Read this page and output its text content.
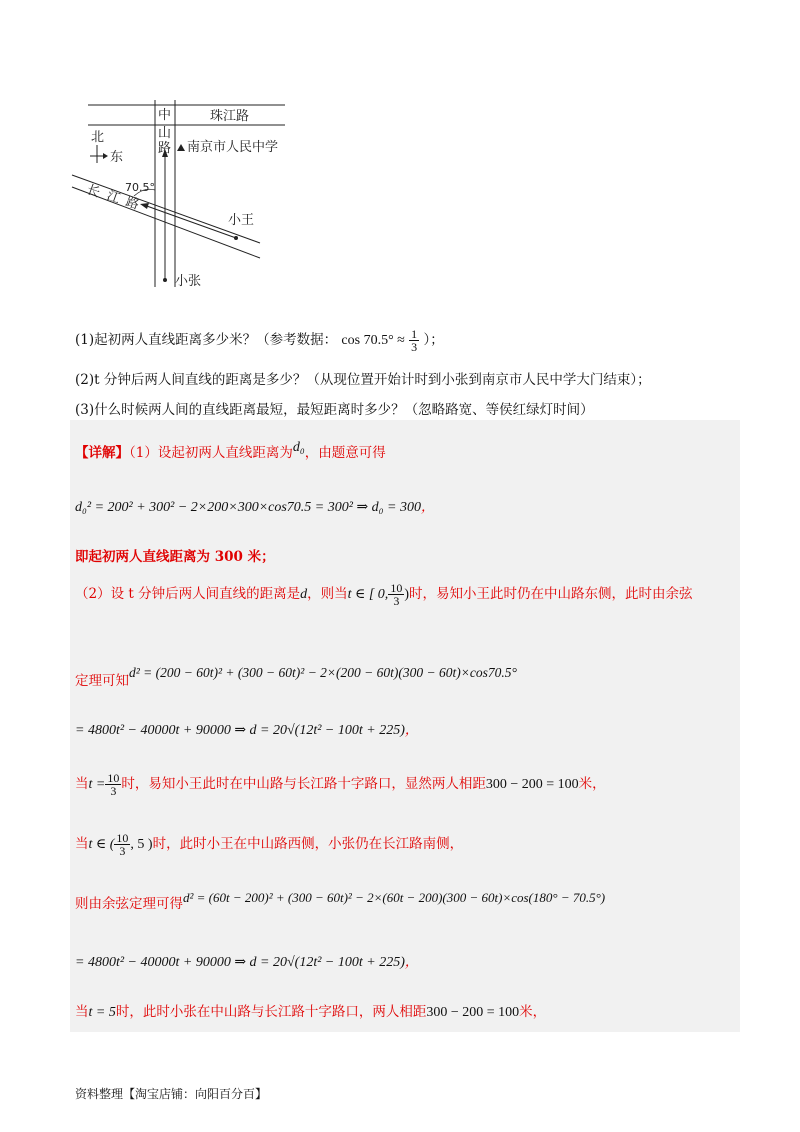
珠江路
中
山
路 南京市人民中学
北
东
70.5°
长 江 路
小王
小张
(1)起初两人直线距离多少米？（参考数据： $\cos 70.5^\circ \approx \frac{1}{3}$ ）；
(2)t 分钟后两人间直线的距离是多少？（从现位置开始计时到小张到南京市人民中学大门结束）；
(3)什么时候两人间的直线距离最短，最短距离时多少？（忽略路宽、等侯红绿灯时间）
【详解】（1）设起初两人直线距离为d₀，由题意可得
d₀² = 200² + 300² − 2×200×300×cos70.5 = 300² ⇒ d₀ = 300，
即起初两人直线距离为 300 米；
（2）设 t 分钟后两人间直线的距离是d，则当t ∈ [ 0, $\frac{10}{3}$ )时，易知小王此时仍在中山路东侧，此时由余弦
定理可知d² = (200 − 60t)² + (300 − 60t)² − 2×(200 − 60t)(300 − 60t)×cos70.5°
= 4800t² − 40000t + 90000 ⇒ d = 20√(12t² − 100t + 225)，
当$t = \frac{10}{3}$ 时，易知小王此时在中山路与长江路十字路口，显然两人相距300 − 200 = 100米，
当t ∈ ( $\frac{10}{3}$ , 5 )时，此时小王在中山路西侧，小张仍在长江路南侧，
则由余弦定理可得d² = (60t − 200)² + (300 − 60t)² − 2×(60t − 200)(300 − 60t)×cos(180° − 70.5°)
= 4800t² − 40000t + 90000 ⇒ d = 20√(12t² − 100t + 225)，
当t = 5时，此时小张在中山路与长江路十字路口，两人相距300 − 200 = 100米，
资料整理【淘宝店铺：向阳百分百】
